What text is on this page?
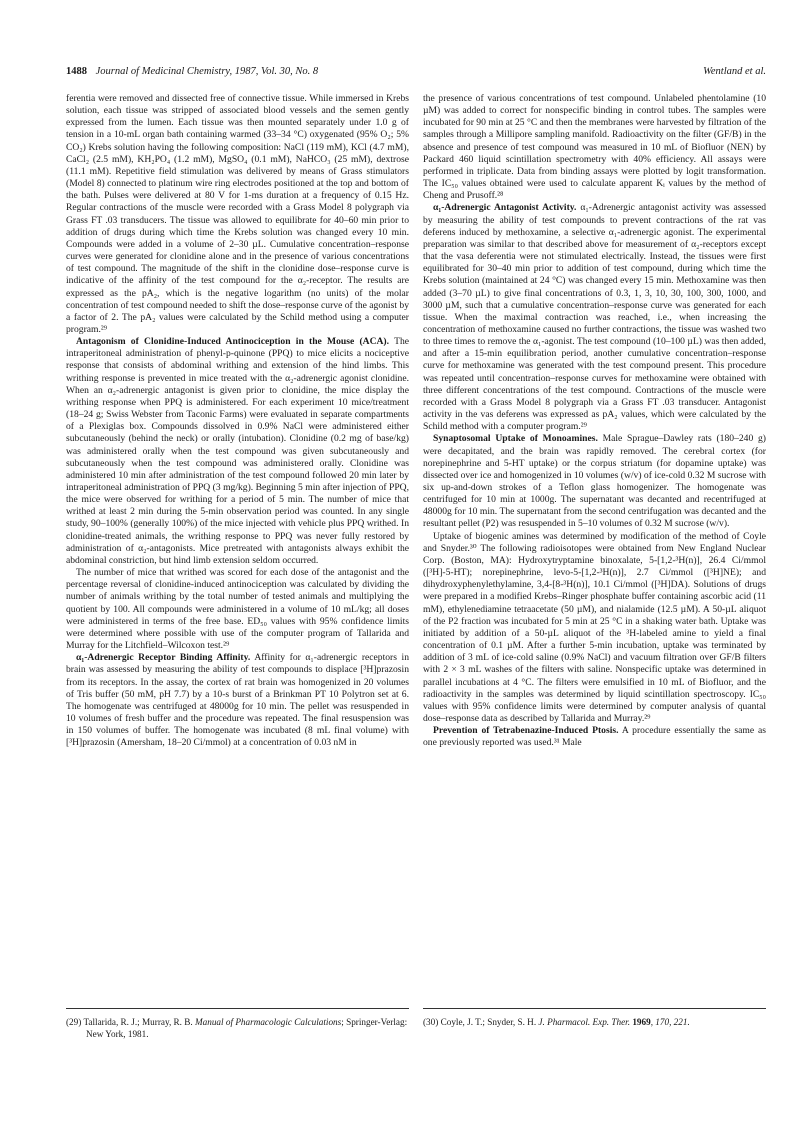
1488 Journal of Medicinal Chemistry, 1987, Vol. 30, No. 8	Wentland et al.

ferentia were removed and dissected free of connective tissue. While immersed in Krebs solution, each tissue was stripped of associated blood vessels and the semen gently expressed from the lumen. Each tissue was then mounted separately under 1.0 g of tension in a 10-mL organ bath containing warmed (33–34 °C) oxygenated (95% O₂; 5% CO₂) Krebs solution having the following composition: NaCl (119 mM), KCl (4.7 mM), CaCl₂ (2.5 mM), KH₂PO₄ (1.2 mM), MgSO₄ (0.1 mM), NaHCO₃ (25 mM), dextrose (11.1 mM). Repetitive field stimulation was delivered by means of Grass stimulators (Model 8) connected to platinum wire ring electrodes positioned at the top and bottom of the bath. Pulses were delivered at 80 V for 1-ms duration at a frequency of 0.15 Hz. Regular contractions of the muscle were recorded with a Grass Model 8 polygraph via Grass FT .03 transducers. The tissue was allowed to equilibrate for 40–60 min prior to addition of drugs during which time the Krebs solution was changed every 10 min. Compounds were added in a volume of 2–30 µL. Cumulative concentration–response curves were generated for clonidine alone and in the presence of various concentrations of test compound. The magnitude of the shift in the clonidine dose–response curve is indicative of the affinity of the test compound for the α₂-receptor. The results are expressed as the pA₂, which is the negative logarithm (no units) of the molar concentration of test compound needed to shift the dose–response curve of the agonist by a factor of 2. The pA₂ values were calculated by the Schild method using a computer program.²⁹

Antagonism of Clonidine-Induced Antinociception in the Mouse (ACA). The intraperitoneal administration of phenyl-p-quinone (PPQ) to mice elicits a nociceptive response that consists of abdominal writhing and extension of the hind limbs. This writhing response is prevented in mice treated with the α₂-adrenergic agonist clonidine. When an α₂-adrenergic antagonist is given prior to clonidine, the mice display the writhing response when PPQ is administered. For each experiment 10 mice/treatment (18–24 g; Swiss Webster from Taconic Farms) were evaluated in separate compartments of a Plexiglas box. Compounds dissolved in 0.9% NaCl were administered either subcutaneously (behind the neck) or orally (intubation). Clonidine (0.2 mg of base/kg) was administered orally when the test compound was given subcutaneously and subcutaneously when the test compound was administered orally. Clonidine was administered 10 min after administration of the test compound followed 20 min later by intraperitoneal administration of PPQ (3 mg/kg). Beginning 5 min after injection of PPQ, the mice were observed for writhing for a period of 5 min. The number of mice that writhed at least 2 min during the 5-min observation period was counted. In any single study, 90–100% (generally 100%) of the mice injected with vehicle plus PPQ writhed. In clonidine-treated animals, the writhing response to PPQ was never fully restored by administration of α₂-antagonists. Mice pretreated with antagonists always exhibit the abdominal constriction, but hind limb extension seldom occurred.

The number of mice that writhed was scored for each dose of the antagonist and the percentage reversal of clonidine-induced antinociception was calculated by dividing the number of animals writhing by the total number of tested animals and multiplying the quotient by 100. All compounds were administered in a volume of 10 mL/kg; all doses were administered in terms of the free base. ED₅₀ values with 95% confidence limits were determined where possible with use of the computer program of Tallarida and Murray for the Litchfield–Wilcoxon test.²⁹

α₁-Adrenergic Receptor Binding Affinity. Affinity for α₁-adrenergic receptors in brain was assessed by measuring the ability of test compounds to displace [³H]prazosin from its receptors. In the assay, the cortex of rat brain was homogenized in 20 volumes of Tris buffer (50 mM, pH 7.7) by a 10-s burst of a Brinkman PT 10 Polytron set at 6. The homogenate was centrifuged at 48000g for 10 min. The pellet was resuspended in 10 volumes of fresh buffer and the procedure was repeated. The final resuspension was in 150 volumes of buffer. The homogenate was incubated (8 mL final volume) with [³H]prazosin (Amersham, 18–20 Ci/mmol) at a concentration of 0.03 nM in

the presence of various concentrations of test compound. Unlabeled phentolamine (10 µM) was added to correct for nonspecific binding in control tubes. The samples were incubated for 90 min at 25 °C and then the membranes were harvested by filtration of the samples through a Millipore sampling manifold. Radioactivity on the filter (GF/B) in the absence and presence of test compound was measured in 10 mL of Biofluor (NEN) by Packard 460 liquid scintillation spectrometry with 40% efficiency. All assays were performed in triplicate. Data from binding assays were plotted by logit transformation. The IC₅₀ values obtained were used to calculate apparent Kᵢ values by the method of Cheng and Prusoff.²⁸

α₁-Adrenergic Antagonist Activity. α₁-Adrenergic antagonist activity was assessed by measuring the ability of test compounds to prevent contractions of the rat vas deferens induced by methoxamine, a selective α₁-adrenergic agonist. The experimental preparation was similar to that described above for measurement of α₂-receptors except that the vasa deferentia were not stimulated electrically. Instead, the tissues were first equilibrated for 30–40 min prior to addition of test compound, during which time the Krebs solution (maintained at 24 °C) was changed every 15 min. Methoxamine was then added (3–70 µL) to give final concentrations of 0.3, 1, 3, 10, 30, 100, 300, 1000, and 3000 µM, such that a cumulative concentration–response curve was generated for each tissue. When the maximal contraction was reached, i.e., when increasing the concentration of methoxamine caused no further contractions, the tissue was washed two to three times to remove the α₁-agonist. The test compound (10–100 µL) was then added, and after a 15-min equilibration period, another cumulative concentration–response curve for methoxamine was generated with the test compound present. This procedure was repeated until concentration–response curves for methoxamine were obtained with three different concentrations of the test compound. Contractions of the muscle were recorded with a Grass Model 8 polygraph via a Grass FT .03 transducer. Antagonist activity in the vas deferens was expressed as pA₂ values, which were calculated by the Schild method with a computer program.²⁹

Synaptosomal Uptake of Monoamines. Male Sprague–Dawley rats (180–240 g) were decapitated, and the brain was rapidly removed. The cerebral cortex (for norepinephrine and 5-HT uptake) or the corpus striatum (for dopamine uptake) was dissected over ice and homogenized in 10 volumes (w/v) of ice-cold 0.32 M sucrose with six up-and-down strokes of a Teflon glass homogenizer. The homogenate was centrifuged for 10 min at 1000g. The supernatant was decanted and recentrifuged at 48000g for 10 min. The supernatant from the second centrifugation was decanted and the resultant pellet (P2) was resuspended in 5–10 volumes of 0.32 M sucrose (w/v).

Uptake of biogenic amines was determined by modification of the method of Coyle and Snyder.³⁰ The following radioisotopes were obtained from New England Nuclear Corp. (Boston, MA): Hydroxytryptamine binoxalate, 5-[1,2-³H(n)], 26.4 Ci/mmol ([³H]-5-HT); norepinephrine, levo-5-[1,2-³H(n)], 2.7 Ci/mmol ([³H]NE); and dihydroxyphenylethylamine, 3,4-[8-³H(n)], 10.1 Ci/mmol ([³H]DA). Solutions of drugs were prepared in a modified Krebs–Ringer phosphate buffer containing ascorbic acid (11 mM), ethylenediamine tetraacetate (50 µM), and nialamide (12.5 µM). A 50-µL aliquot of the P2 fraction was incubated for 5 min at 25 °C in a shaking water bath. Uptake was initiated by addition of a 50-µL aliquot of the ³H-labeled amine to yield a final concentration of 0.1 µM. After a further 5-min incubation, uptake was terminated by addition of 3 mL of ice-cold saline (0.9% NaCl) and vacuum filtration over GF/B filters with 2 × 3 mL washes of the filters with saline. Nonspecific uptake was determined in parallel incubations at 4 °C. The filters were emulsified in 10 mL of Biofluor, and the radioactivity in the samples was determined by liquid scintillation spectroscopy. IC₅₀ values with 95% confidence limits were determined by computer analysis of quantal dose–response data as described by Tallarida and Murray.²⁹

Prevention of Tetrabenazine-Induced Ptosis. A procedure essentially the same as one previously reported was used.³¹ Male

(29) Tallarida, R. J.; Murray, R. B. Manual of Pharmacologic Calculations; Springer-Verlag: New York, 1981.
(30) Coyle, J. T.; Snyder, S. H. J. Pharmacol. Exp. Ther. 1969, 170, 221.
